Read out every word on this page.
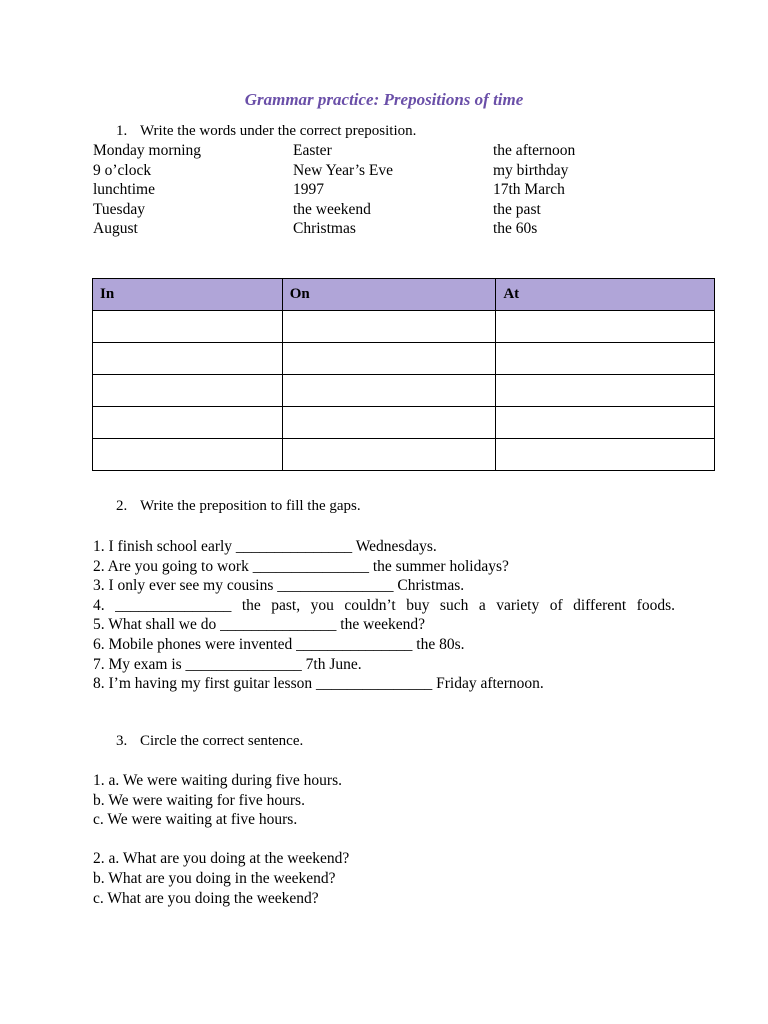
Grammar practice: Prepositions of time
1. Write the words under the correct preposition.
Monday morning	Easter	the afternoon
9 o’clock	New Year’s Eve	my birthday
lunchtime	1997	17th March
Tuesday	the weekend	the past
August	Christmas	the 60s
In	On	At

2. Write the preposition to fill the gaps.
1. I finish school early _______________ Wednesdays.
2. Are you going to work _______________ the summer holidays?
3. I only ever see my cousins _______________ Christmas.
4. _______________ the past, you couldn’t buy such a variety of different foods.
5. What shall we do _______________ the weekend?
6. Mobile phones were invented _______________ the 80s.
7. My exam is _______________ 7th June.
8. I’m having my first guitar lesson _______________ Friday afternoon.
3. Circle the correct sentence.
1. a. We were waiting during five hours.
b. We were waiting for five hours.
c. We were waiting at five hours.
2. a. What are you doing at the weekend?
b. What are you doing in the weekend?
c. What are you doing the weekend?
